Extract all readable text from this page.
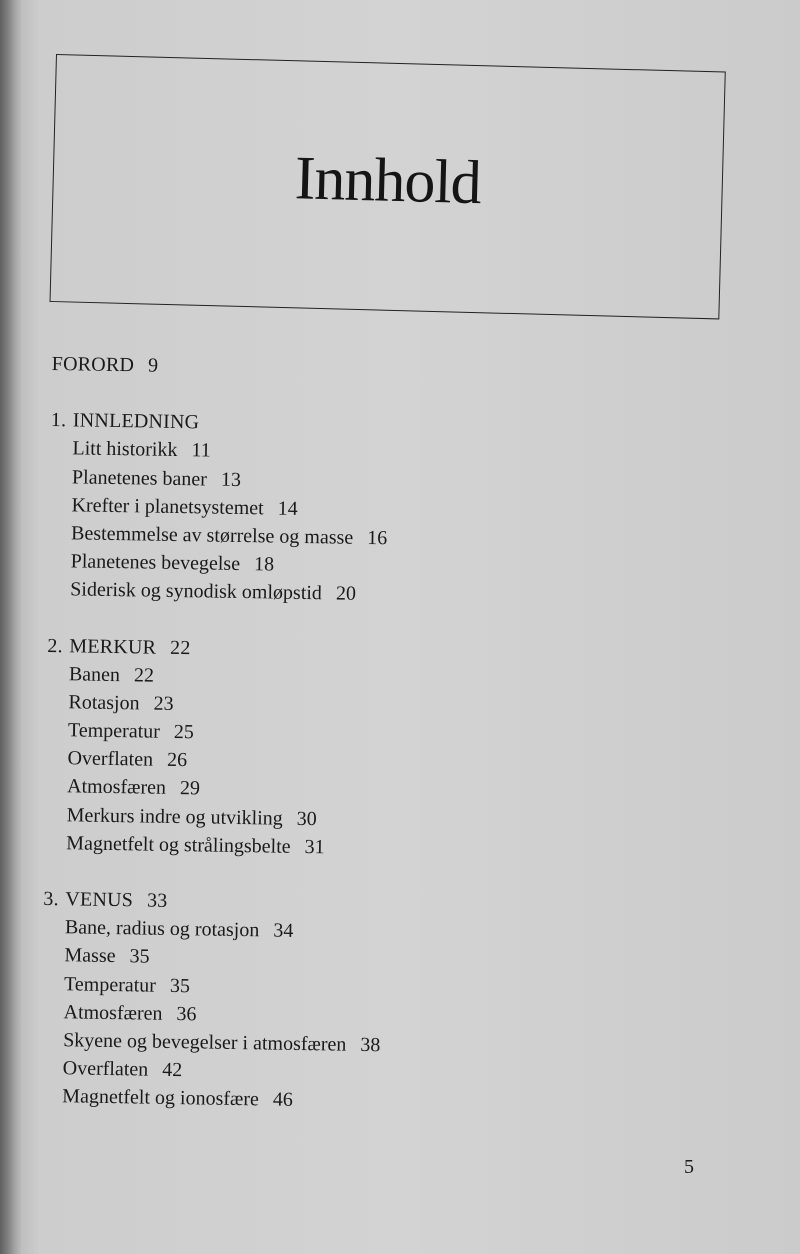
Innhold
FORORD 9
1. INNLEDNING
Litt historikk 11
Planetenes baner 13
Krefter i planetsystemet 14
Bestemmelse av størrelse og masse 16
Planetenes bevegelse 18
Siderisk og synodisk omløpstid 20
2. MERKUR 22
Banen 22
Rotasjon 23
Temperatur 25
Overflaten 26
Atmosfæren 29
Merkurs indre og utvikling 30
Magnetfelt og strålingsbelte 31
3. VENUS 33
Bane, radius og rotasjon 34
Masse 35
Temperatur 35
Atmosfæren 36
Skyene og bevegelser i atmosfæren 38
Overflaten 42
Magnetfelt og ionosfære 46
5
